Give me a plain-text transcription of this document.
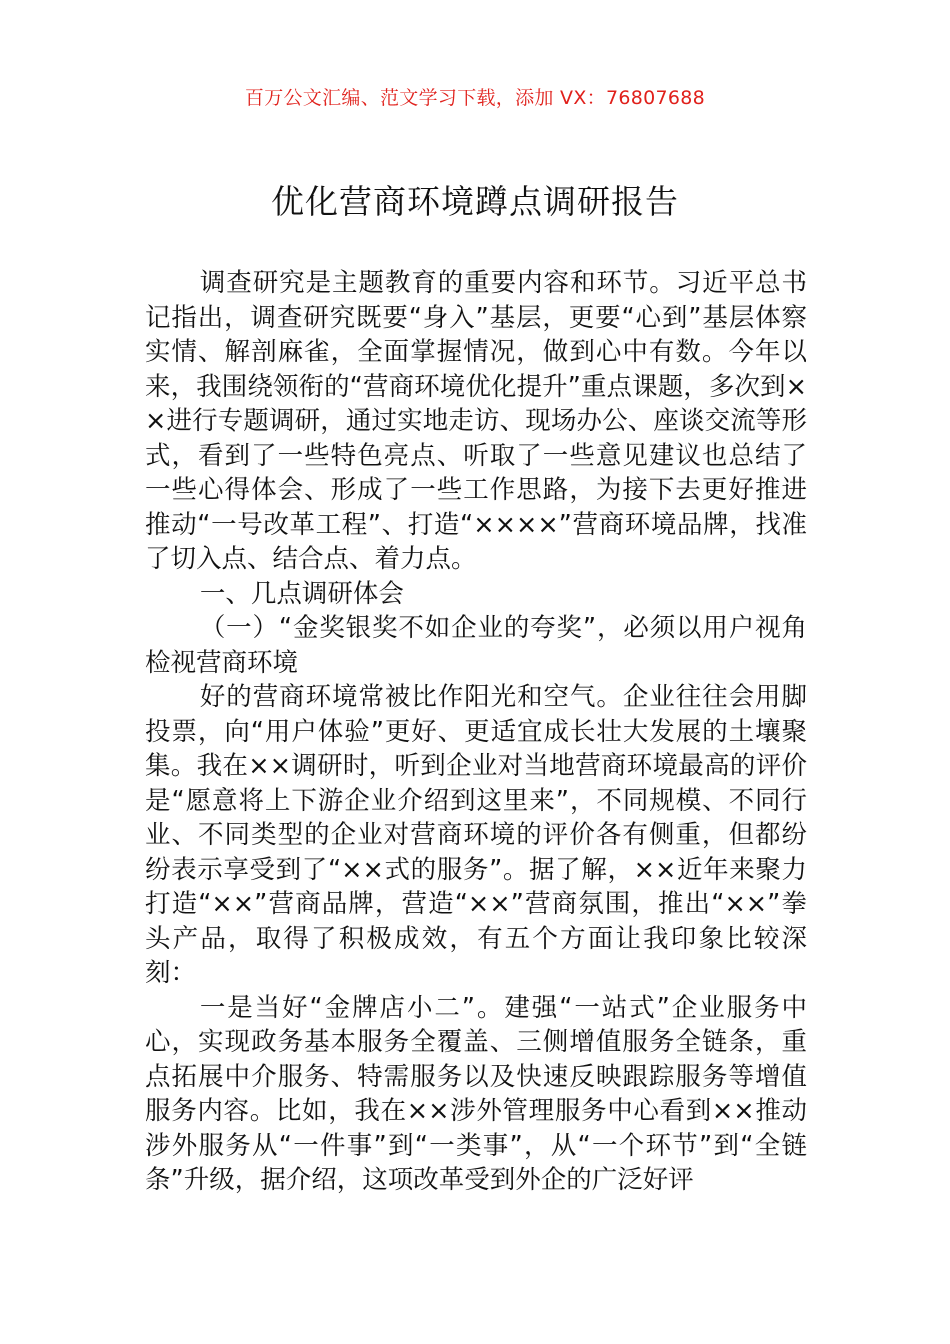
百万公文汇编、范文学习下载，添加 VX：76807688
优化营商环境蹲点调研报告

调查研究是主题教育的重要内容和环节。习近平总书记指出，调查研究既要“身入”基层，更要“心到”基层体察实情、解剖麻雀，全面掌握情况，做到心中有数。今年以来，我围绕领衔的“营商环境优化提升”重点课题，多次到××进行专题调研，通过实地走访、现场办公、座谈交流等形式，看到了一些特色亮点、听取了一些意见建议也总结了一些心得体会、形成了一些工作思路，为接下去更好推进推动“一号改革工程”、打造“××××”营商环境品牌，找准了切入点、结合点、着力点。

一、几点调研体会

（一）“金奖银奖不如企业的夸奖”，必须以用户视角检视营商环境

好的营商环境常被比作阳光和空气。企业往往会用脚投票，向“用户体验”更好、更适宜成长壮大发展的土壤聚集。我在××调研时，听到企业对当地营商环境最高的评价是“愿意将上下游企业介绍到这里来”，不同规模、不同行业、不同类型的企业对营商环境的评价各有侧重，但都纷纷表示享受到了“××式的服务”。据了解，××近年来聚力打造“××”营商品牌，营造“××”营商氛围，推出“××”拳头产品，取得了积极成效，有五个方面让我印象比较深刻：

一是当好“金牌店小二”。建强“一站式”企业服务中心，实现政务基本服务全覆盖、三侧增值服务全链条，重点拓展中介服务、特需服务以及快速反映跟踪服务等增值服务内容。比如，我在××涉外管理服务中心看到××推动涉外服务从“一件事”到“一类事”，从“一个环节”到“全链条”升级，据介绍，这项改革受到外企的广泛好评
